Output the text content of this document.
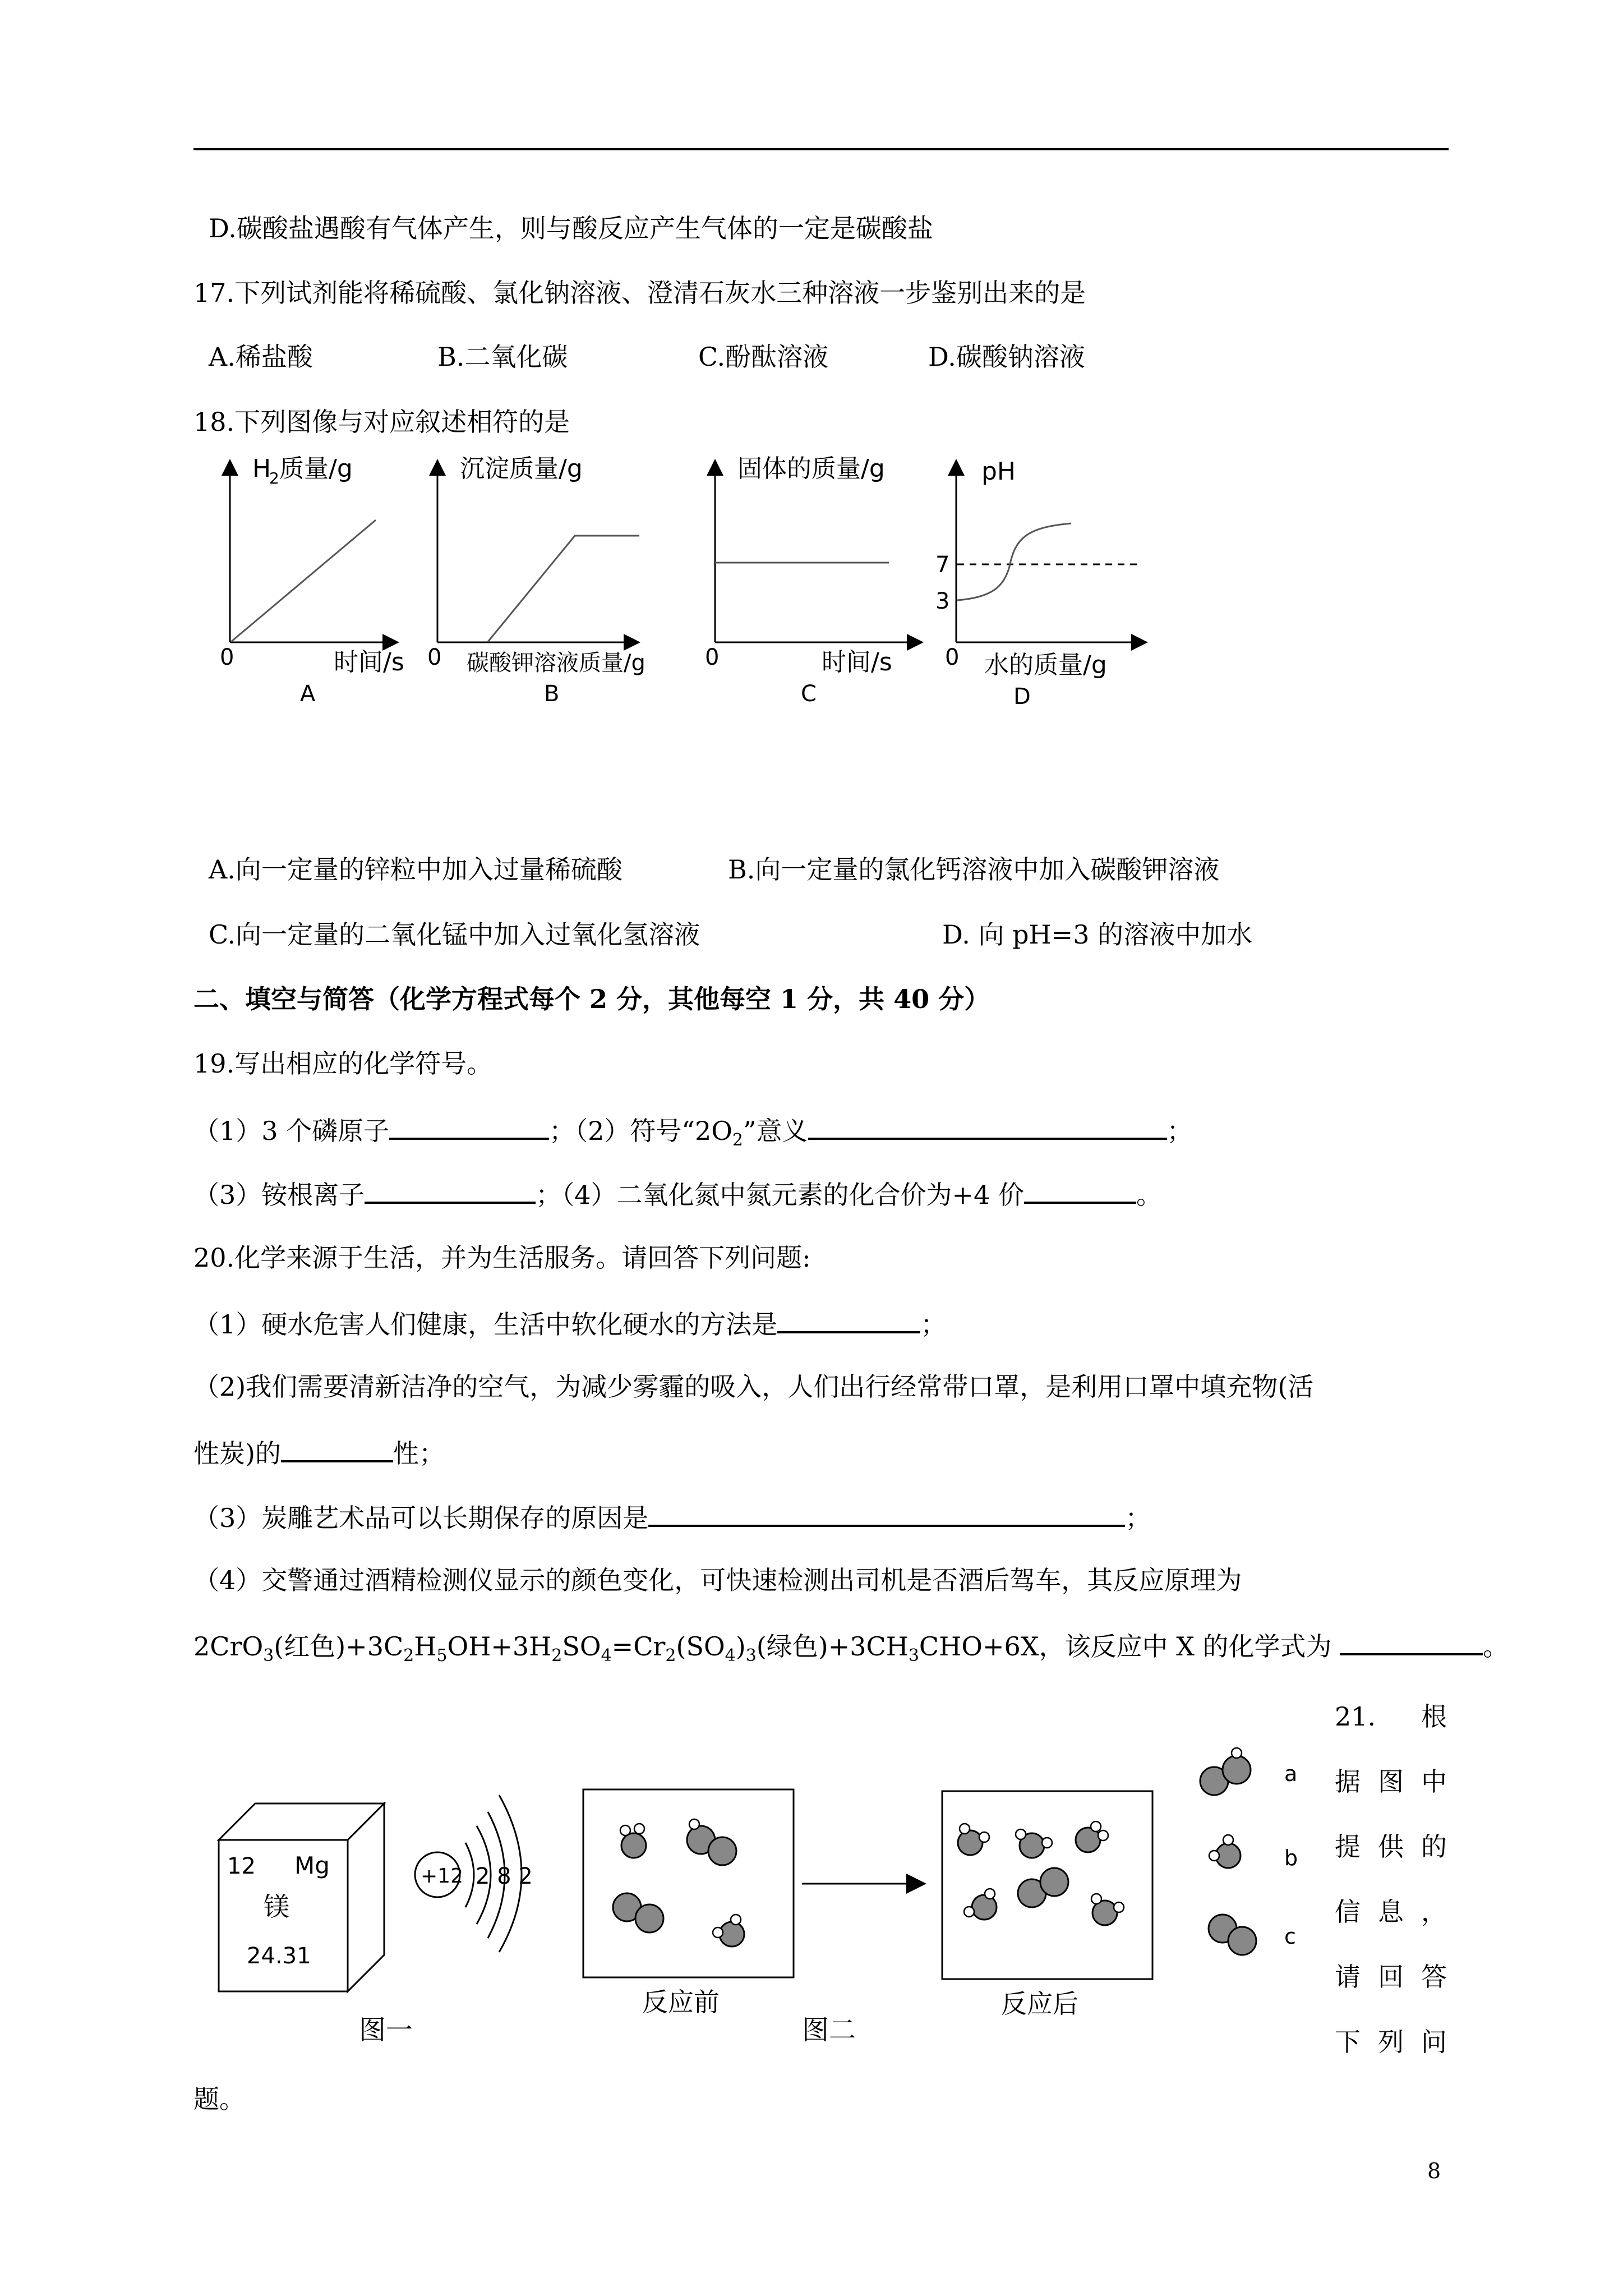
D.碳酸盐遇酸有气体产生，则与酸反应产生气体的一定是碳酸盐
17.下列试剂能将稀硫酸、氯化钠溶液、澄清石灰水三种溶液一步鉴别出来的是
A.稀盐酸	B.二氧化碳	C.酚酞溶液	D.碳酸钠溶液
18.下列图像与对应叙述相符的是
H
2 质量/g
0	时间/s
A
沉淀质量/g
0 碳酸钾溶液质量/g
B
固体的质量/g
0	时间/s
C
pH
7
3
0 水的质量/g
D
A.向一定量的锌粒中加入过量稀硫酸	B.向一定量的氯化钙溶液中加入碳酸钾溶液
C.向一定量的二氧化锰中加入过氧化氢溶液	D. 向 pH=3 的溶液中加水
二、填空与简答（化学方程式每个 2 分，其他每空 1 分，共 40 分）
19.写出相应的化学符号。
（1）3 个磷原子	；（2）符号“$2O_2$”意义	；
（3）铵根离子	；（4）二氧化氮中氮元素的化合价为+4 价	。
20.化学来源于生活，并为生活服务。请回答下列问题:
（1）硬水危害人们健康，生活中软化硬水的方法是	；
（2)我们需要清新洁净的空气，为减少雾霾的吸入，人们出行经常带口罩，是利用口罩中填充物(活
性炭)的	性；
（3）炭雕艺术品可以长期保存的原因是	；
（4）交警通过酒精检测仪显示的颜色变化，可快速检测出司机是否酒后驾车，其反应原理为
2CrO$_3$(红色)$+3C_2H_5OH+3H_2SO_4=Cr_2(SO_4)_3$(绿色)$+3CH_3CHO+6X$，该反应中 X 的化学式为	。
21. 根
据图中
提供的
信息，
请回答
下列问
12 Mg
镁
24.31
+12 2 8 2
图一
反应前
图二
反应后
a
b
c
题。
8
